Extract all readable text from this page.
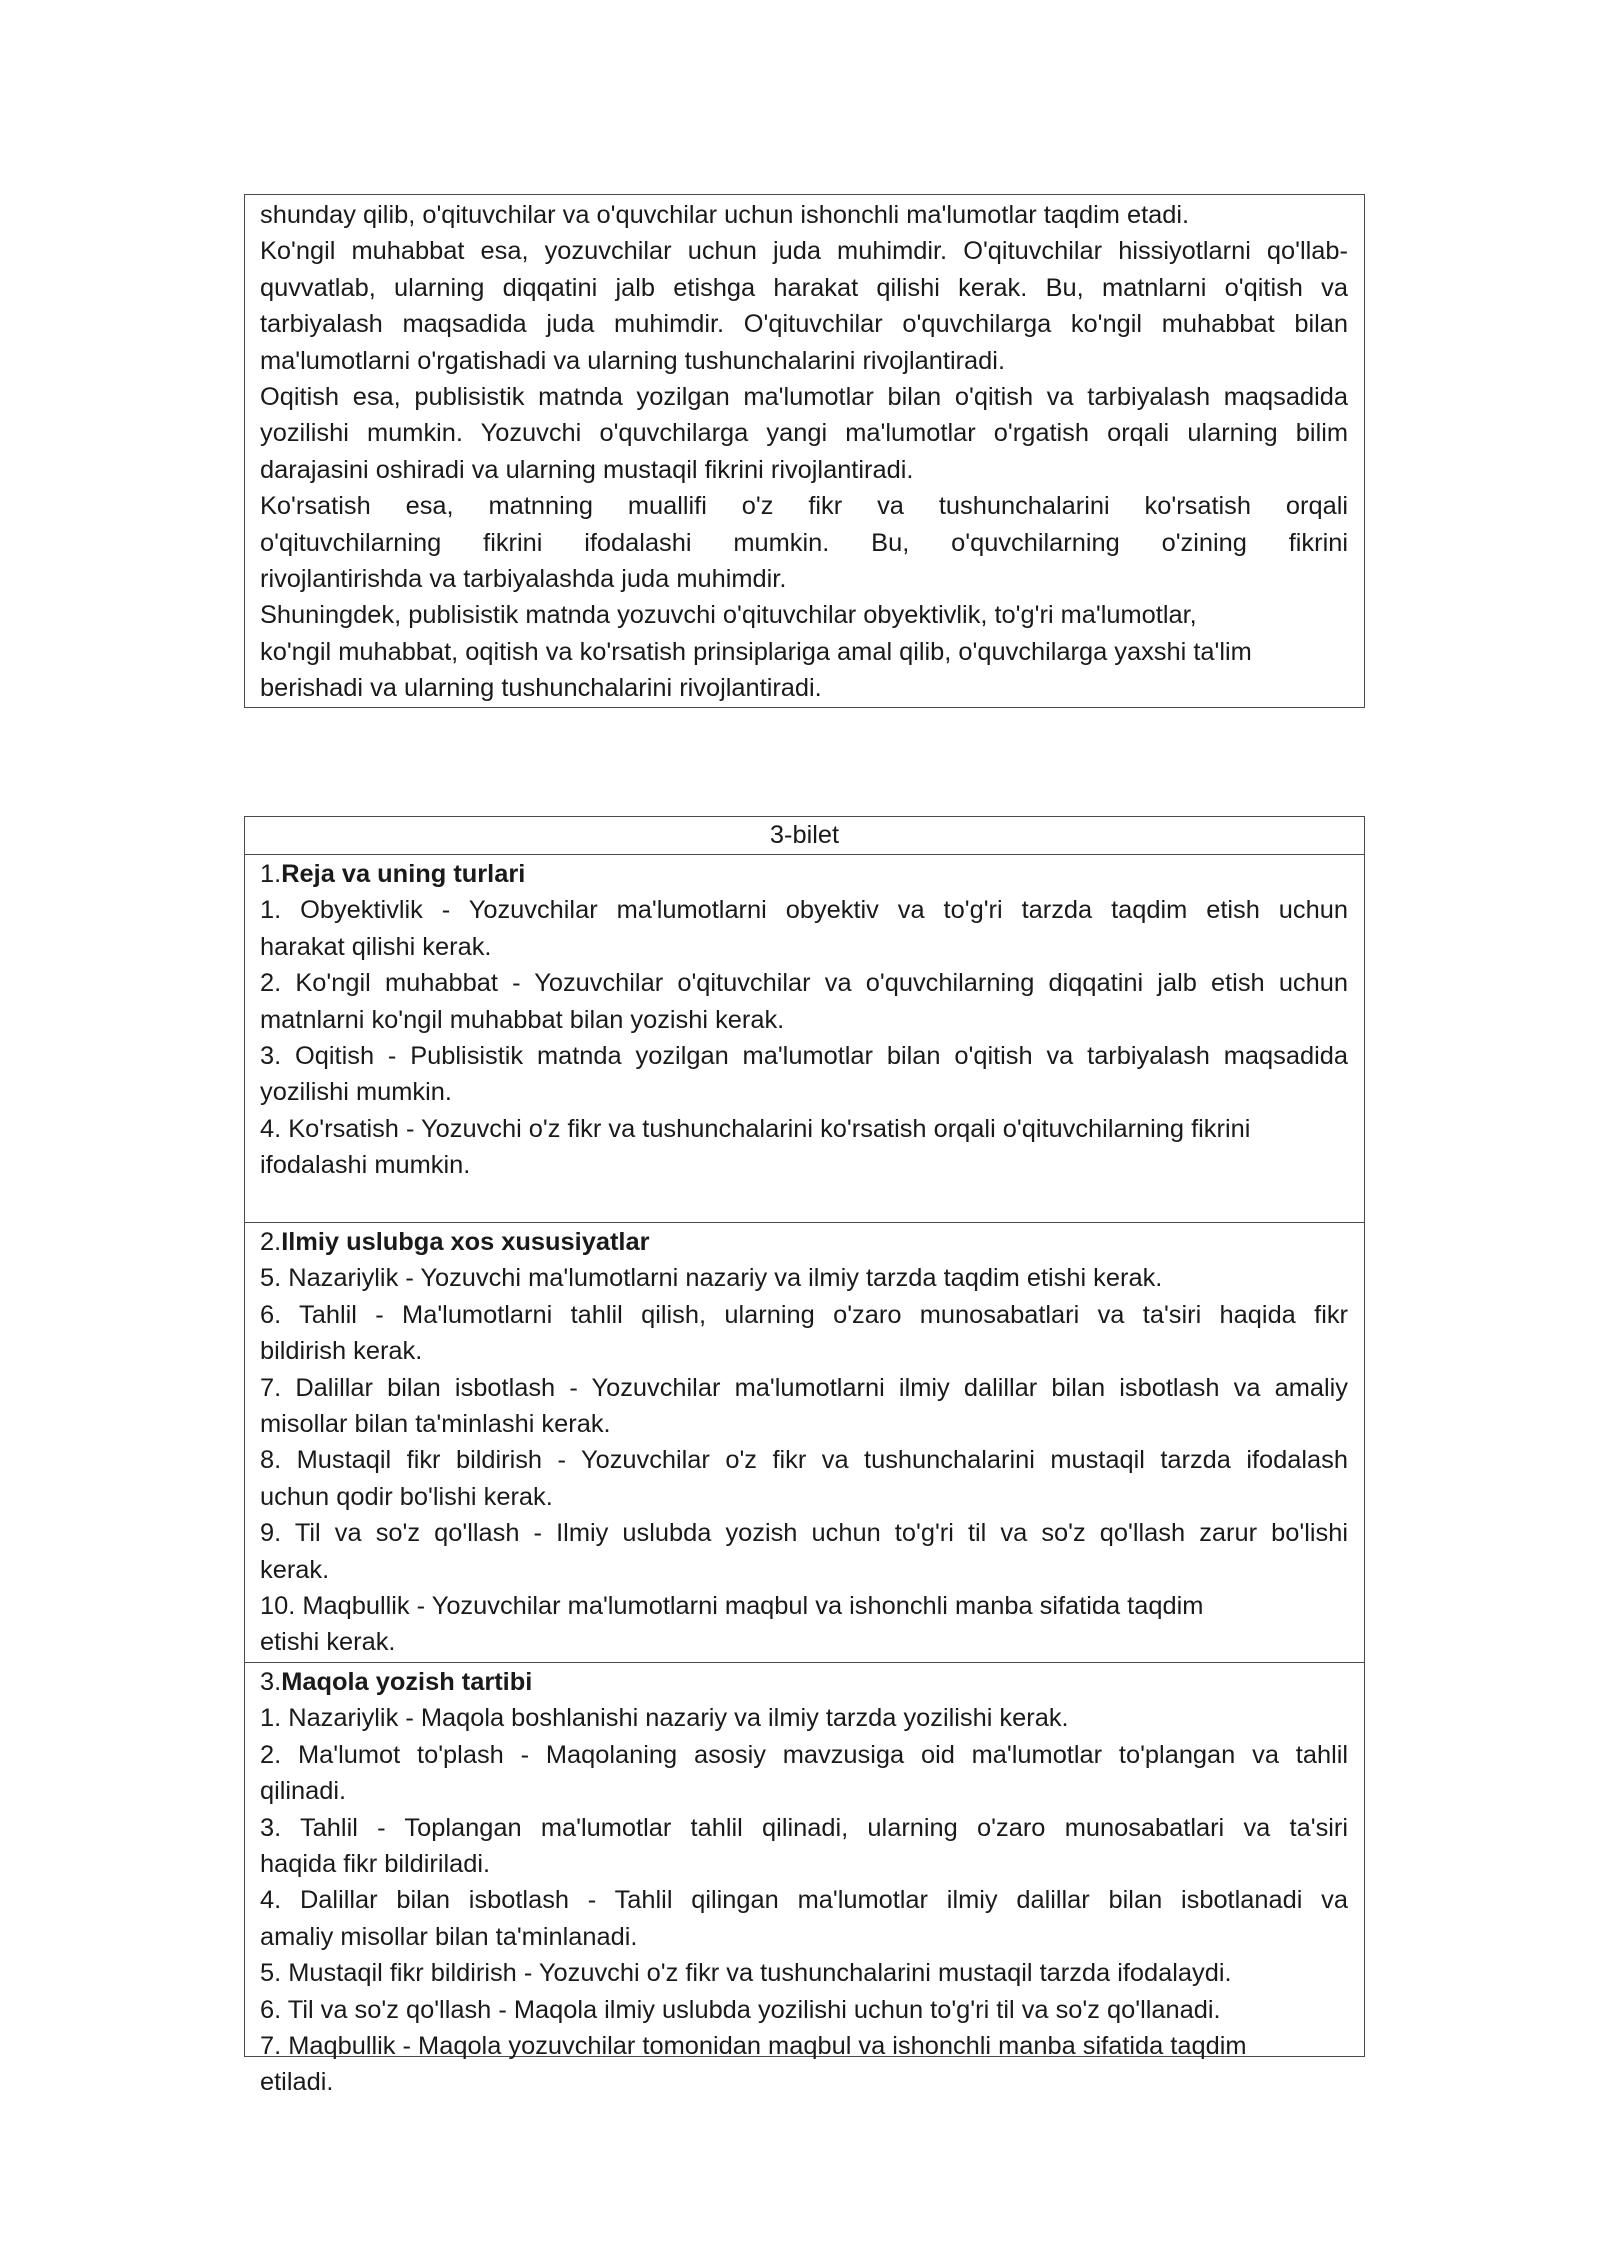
shunday qilib, o'qituvchilar va o'quvchilar uchun ishonchli ma'lumotlar taqdim etadi.
Ko'ngil muhabbat esa, yozuvchilar uchun juda muhimdir. O'qituvchilar hissiyotlarni qo'llab-
quvvatlab, ularning diqqatini jalb etishga harakat qilishi kerak. Bu, matnlarni o'qitish va
tarbiyalash maqsadida juda muhimdir. O'qituvchilar o'quvchilarga ko'ngil muhabbat bilan
ma'lumotlarni o'rgatishadi va ularning tushunchalarini rivojlantiradi.
Oqitish esa, publisistik matnda yozilgan ma'lumotlar bilan o'qitish va tarbiyalash maqsadida
yozilishi mumkin. Yozuvchi o'quvchilarga yangi ma'lumotlar o'rgatish orqali ularning bilim
darajasini oshiradi va ularning mustaqil fikrini rivojlantiradi.
Ko'rsatish esa, matnning muallifi o'z fikr va tushunchalarini ko'rsatish orqali
o'qituvchilarning fikrini ifodalashi mumkin. Bu, o'quvchilarning o'zining fikrini
rivojlantirishda va tarbiyalashda juda muhimdir.
Shuningdek, publisistik matnda yozuvchi o'qituvchilar obyektivlik, to'g'ri ma'lumotlar,
ko'ngil muhabbat, oqitish va ko'rsatish prinsiplariga amal qilib, o'quvchilarga yaxshi ta'lim
berishadi va ularning tushunchalarini rivojlantiradi.
3-bilet
1.Reja va uning turlari
1. Obyektivlik - Yozuvchilar ma'lumotlarni obyektiv va to'g'ri tarzda taqdim etish uchun
harakat qilishi kerak.
2. Ko'ngil muhabbat - Yozuvchilar o'qituvchilar va o'quvchilarning diqqatini jalb etish uchun
matnlarni ko'ngil muhabbat bilan yozishi kerak.
3. Oqitish - Publisistik matnda yozilgan ma'lumotlar bilan o'qitish va tarbiyalash maqsadida
yozilishi mumkin.
4. Ko'rsatish - Yozuvchi o'z fikr va tushunchalarini ko'rsatish orqali o'qituvchilarning fikrini
ifodalashi mumkin.
2.Ilmiy uslubga xos xususiyatlar
5. Nazariylik - Yozuvchi ma'lumotlarni nazariy va ilmiy tarzda taqdim etishi kerak.
6. Tahlil - Ma'lumotlarni tahlil qilish, ularning o'zaro munosabatlari va ta'siri haqida fikr
bildirish kerak.
7. Dalillar bilan isbotlash - Yozuvchilar ma'lumotlarni ilmiy dalillar bilan isbotlash va amaliy
misollar bilan ta'minlashi kerak.
8. Mustaqil fikr bildirish - Yozuvchilar o'z fikr va tushunchalarini mustaqil tarzda ifodalash
uchun qodir bo'lishi kerak.
9. Til va so'z qo'llash - Ilmiy uslubda yozish uchun to'g'ri til va so'z qo'llash zarur bo'lishi
kerak.
10. Maqbullik - Yozuvchilar ma'lumotlarni maqbul va ishonchli manba sifatida taqdim
etishi kerak.
3.Maqola yozish tartibi
1. Nazariylik - Maqola boshlanishi nazariy va ilmiy tarzda yozilishi kerak.
2. Ma'lumot to'plash - Maqolaning asosiy mavzusiga oid ma'lumotlar to'plangan va tahlil
qilinadi.
3. Tahlil - Toplangan ma'lumotlar tahlil qilinadi, ularning o'zaro munosabatlari va ta'siri
haqida fikr bildiriladi.
4. Dalillar bilan isbotlash - Tahlil qilingan ma'lumotlar ilmiy dalillar bilan isbotlanadi va
amaliy misollar bilan ta'minlanadi.
5. Mustaqil fikr bildirish - Yozuvchi o'z fikr va tushunchalarini mustaqil tarzda ifodalaydi.
6. Til va so'z qo'llash - Maqola ilmiy uslubda yozilishi uchun to'g'ri til va so'z qo'llanadi.
7. Maqbullik - Maqola yozuvchilar tomonidan maqbul va ishonchli manba sifatida taqdim
etiladi.
